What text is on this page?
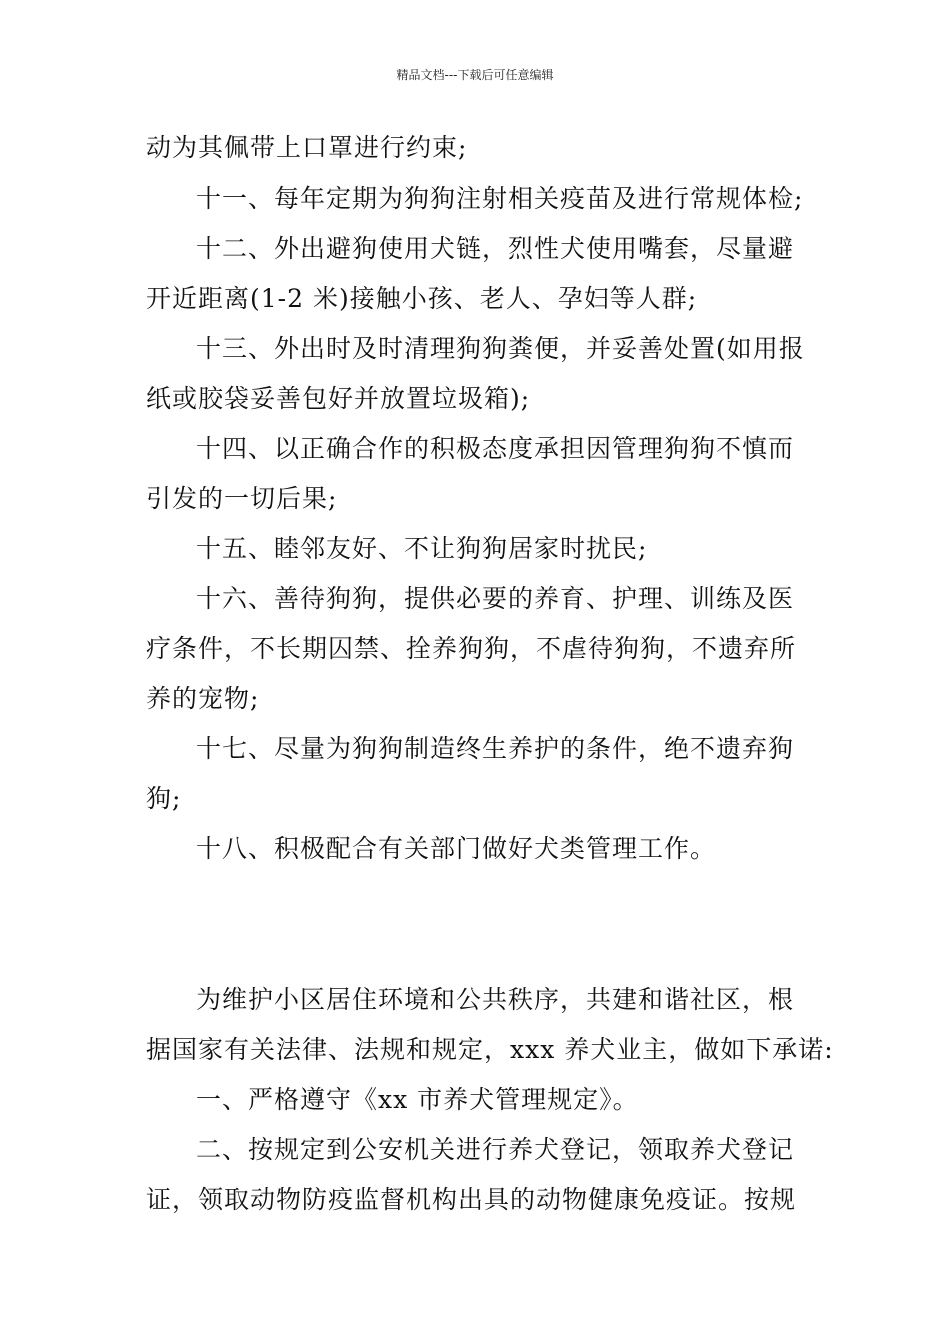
精品文档---下载后可任意编辑
动为其佩带上口罩进行约束;
十一、每年定期为狗狗注射相关疫苗及进行常规体检;
十二、外出避狗使用犬链，烈性犬使用嘴套，尽量避
开近距离(1-2 米)接触小孩、老人、孕妇等人群;
十三、外出时及时清理狗狗粪便，并妥善处置(如用报
纸或胶袋妥善包好并放置垃圾箱);
十四、以正确合作的积极态度承担因管理狗狗不慎而
引发的一切后果;
十五、睦邻友好、不让狗狗居家时扰民;
十六、善待狗狗，提供必要的养育、护理、训练及医
疗条件，不长期囚禁、拴养狗狗，不虐待狗狗，不遗弃所
养的宠物;
十七、尽量为狗狗制造终生养护的条件，绝不遗弃狗
狗;
十八、积极配合有关部门做好犬类管理工作。
为维护小区居住环境和公共秩序，共建和谐社区，根
据国家有关法律、法规和规定，xxx 养犬业主，做如下承诺:
一、严格遵守《xx 市养犬管理规定》。
二、按规定到公安机关进行养犬登记，领取养犬登记
证，领取动物防疫监督机构出具的动物健康免疫证。按规
